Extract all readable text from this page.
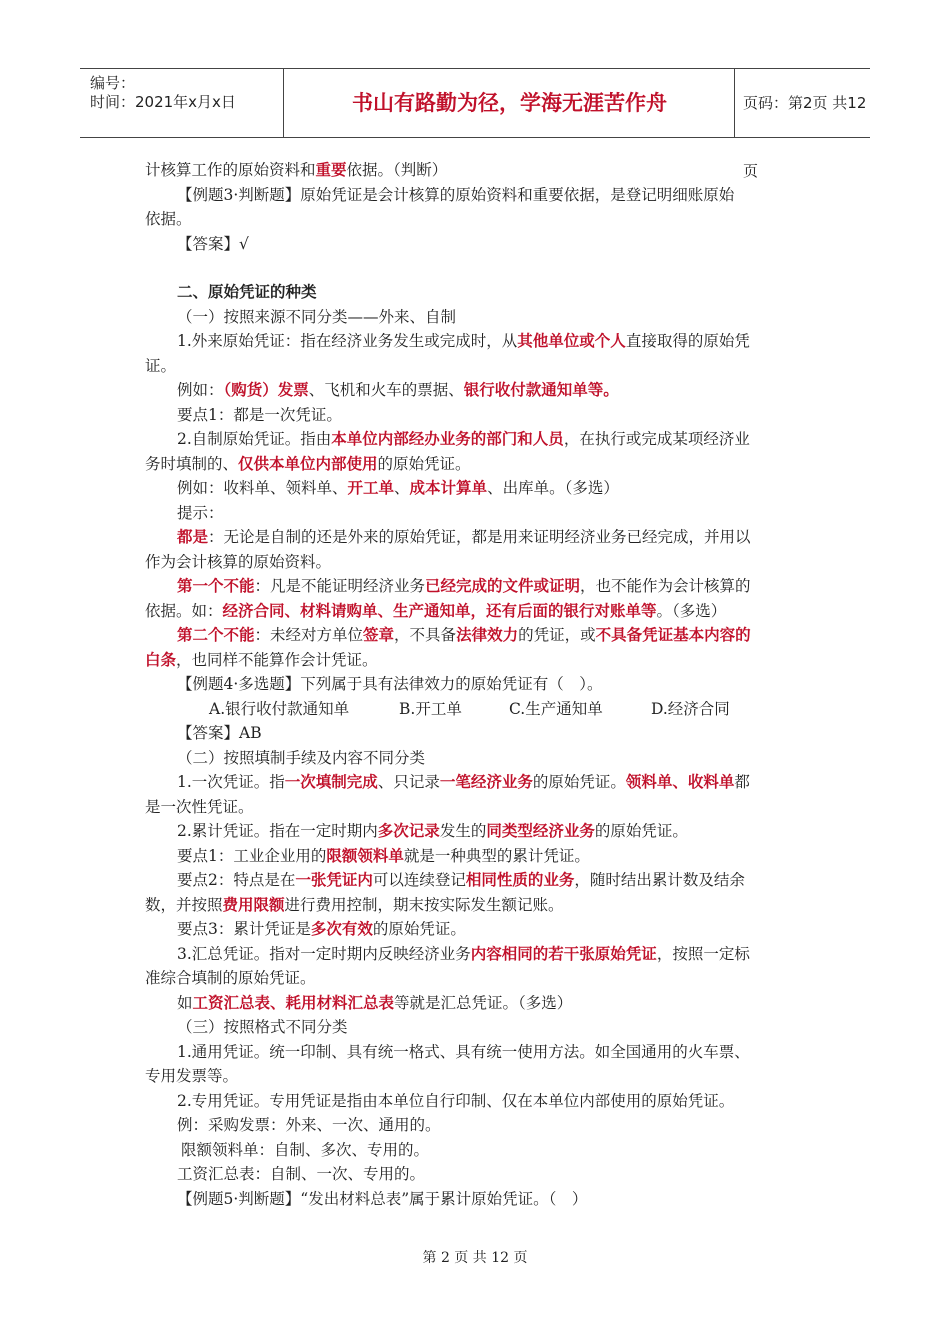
编号：
时间：2021年x月x日	书山有路勤为径，学海无涯苦作舟	页码：第2页 共12页

计核算工作的原始资料和重要依据。（判断）

【例题3·判断题】原始凭证是会计核算的原始资料和重要依据，是登记明细账原始

依据。

【答案】√

二、原始凭证的种类

（一）按照来源不同分类——外来、自制

1.外来原始凭证：指在经济业务发生或完成时，从其他单位或个人直接取得的原始凭

证。

例如：（购货）发票、飞机和火车的票据、银行收付款通知单等。

要点1：都是一次凭证。

2.自制原始凭证。指由本单位内部经办业务的部门和人员，在执行或完成某项经济业

务时填制的、仅供本单位内部使用的原始凭证。

例如：收料单、领料单、开工单、成本计算单、出库单。（多选）

提示：

都是：无论是自制的还是外来的原始凭证，都是用来证明经济业务已经完成，并用以

作为会计核算的原始资料。

第一个不能：凡是不能证明经济业务已经完成的文件或证明，也不能作为会计核算的

依据。如：经济合同、材料请购单、生产通知单，还有后面的银行对账单等。（多选）

第二个不能：未经对方单位签章，不具备法律效力的凭证，或不具备凭证基本内容的

白条，也同样不能算作会计凭证。

【例题4·多选题】下列属于具有法律效力的原始凭证有（　）。

A.银行收付款通知单	B.开工单	C.生产通知单	D.经济合同

【答案】AB

（二）按照填制手续及内容不同分类

1.一次凭证。指一次填制完成、只记录一笔经济业务的原始凭证。领料单、收料单都

是一次性凭证。

2.累计凭证。指在一定时期内多次记录发生的同类型经济业务的原始凭证。

要点1：工业企业用的限额领料单就是一种典型的累计凭证。

要点2：特点是在一张凭证内可以连续登记相同性质的业务，随时结出累计数及结余

数，并按照费用限额进行费用控制，期末按实际发生额记账。

要点3：累计凭证是多次有效的原始凭证。

3.汇总凭证。指对一定时期内反映经济业务内容相同的若干张原始凭证，按照一定标

准综合填制的原始凭证。

如工资汇总表、耗用材料汇总表等就是汇总凭证。（多选）

（三）按照格式不同分类

1.通用凭证。统一印制、具有统一格式、具有统一使用方法。如全国通用的火车票、

专用发票等。

2.专用凭证。专用凭证是指由本单位自行印制、仅在本单位内部使用的原始凭证。

例：采购发票：外来、一次、通用的。

限额领料单：自制、多次、专用的。

工资汇总表：自制、一次、专用的。

【例题5·判断题】“发出材料总表”属于累计原始凭证。（　）

第 2 页 共 12 页
